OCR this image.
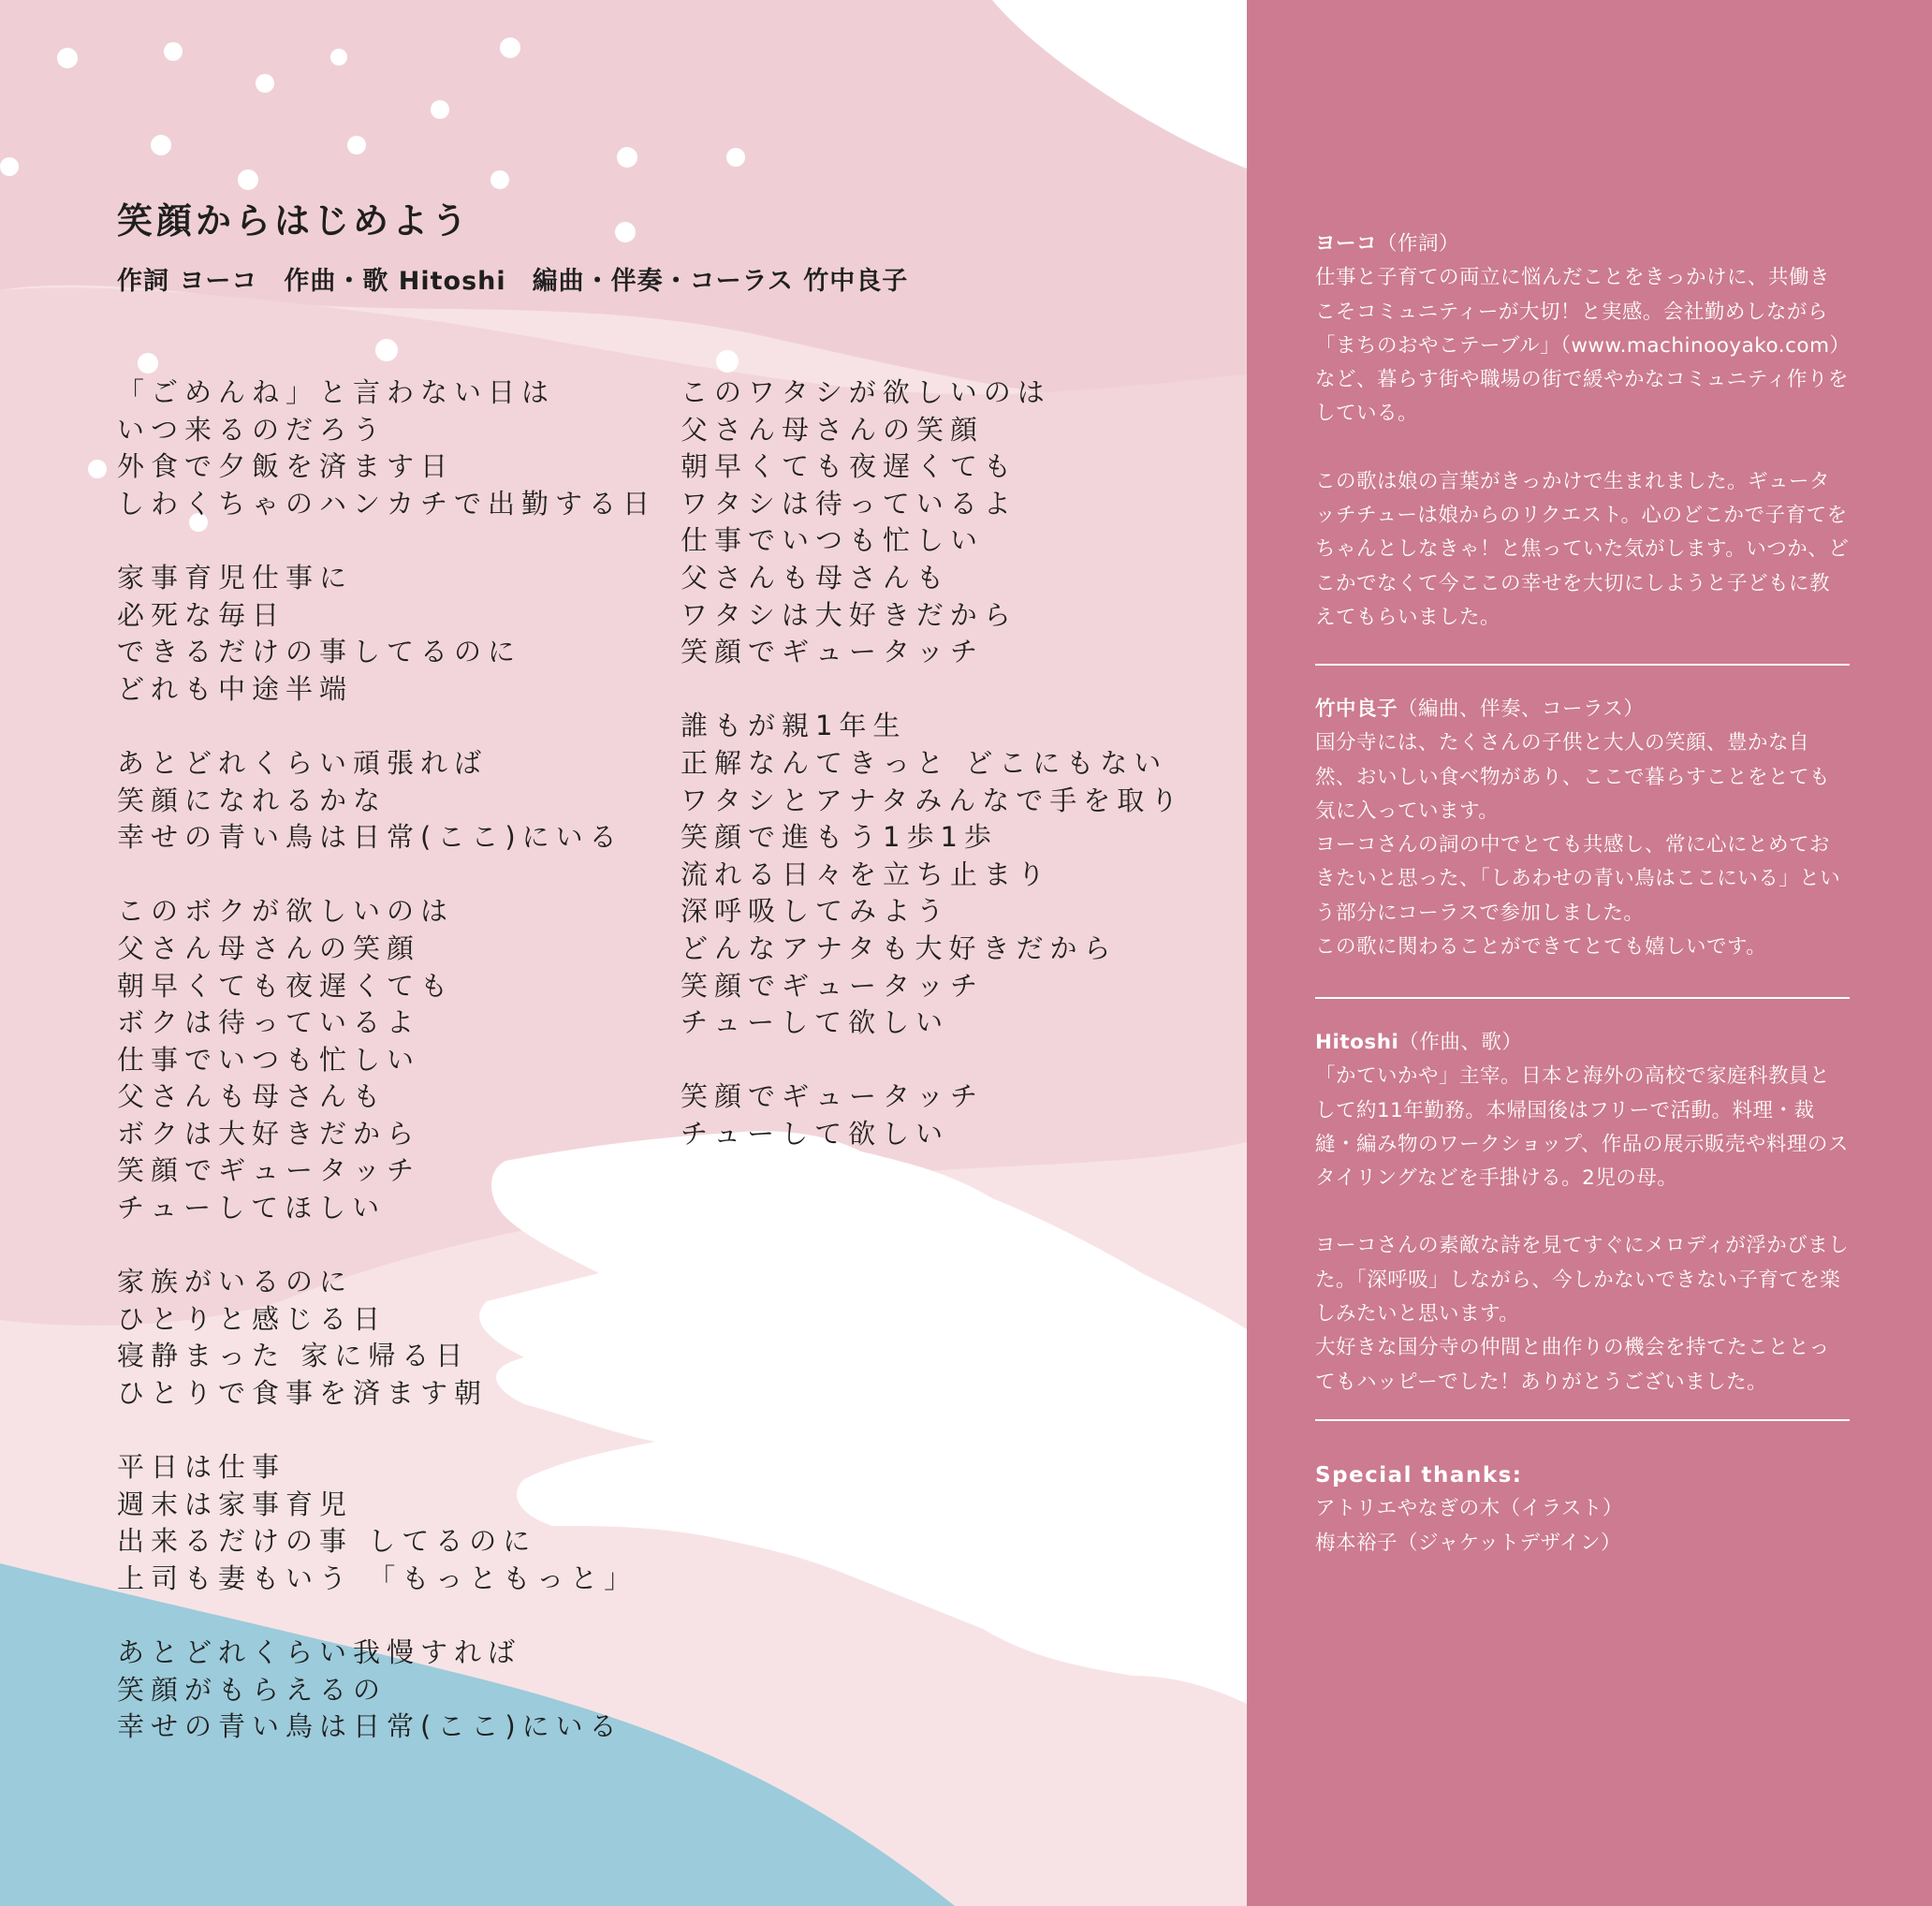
笑顔からはじめよう
作詞 ヨーコ　作曲・歌 Hitoshi　編曲・伴奏・コーラス 竹中良子
「ごめんね」と言わない日は
いつ来るのだろう
外食で夕飯を済ます日
しわくちゃのハンカチで出勤する日
家事育児仕事に
必死な毎日
できるだけの事してるのに
どれも中途半端
あとどれくらい頑張れば
笑顔になれるかな
幸せの青い鳥は日常(ここ)にいる
このボクが欲しいのは
父さん母さんの笑顔
朝早くても夜遅くても
ボクは待っているよ
仕事でいつも忙しい
父さんも母さんも
ボクは大好きだから
笑顔でギュータッチ
チューしてほしい
家族がいるのに
ひとりと感じる日
寝静まった 家に帰る日
ひとりで食事を済ます朝
平日は仕事
週末は家事育児
出来るだけの事 してるのに
上司も妻もいう 「もっともっと」
あとどれくらい我慢すれば
笑顔がもらえるの
幸せの青い鳥は日常(ここ)にいる
このワタシが欲しいのは
父さん母さんの笑顔
朝早くても夜遅くても
ワタシは待っているよ
仕事でいつも忙しい
父さんも母さんも
ワタシは大好きだから
笑顔でギュータッチ
誰もが親1年生
正解なんてきっと どこにもない
ワタシとアナタみんなで手を取り
笑顔で進もう1歩1歩
流れる日々を立ち止まり
深呼吸してみよう
どんなアナタも大好きだから
笑顔でギュータッチ
チューして欲しい
笑顔でギュータッチ
チューして欲しい

ヨーコ（作詞）

仕事と子育ての両立に悩んだことをきっかけに、共働きこそコミュニティーが大切！と実感。会社勤めしながら「まちのおやこテーブル」（www.machinooyako.com）など、暮らす街や職場の街で緩やかなコミュニティ作りをしている。

この歌は娘の言葉がきっかけで生まれました。ギュータッチチューは娘からのリクエスト。心のどこかで子育てをちゃんとしなきゃ！と焦っていた気がします。いつか、どこかでなくて今ここの幸せを大切にしようと子どもに教えてもらいました。

竹中良子（編曲、伴奏、コーラス）

国分寺には、たくさんの子供と大人の笑顔、豊かな自然、おいしい食べ物があり、ここで暮らすことをとても気に入っています。

ヨーコさんの詞の中でとても共感し、常に心にとめておきたいと思った、「しあわせの青い鳥はここにいる」という部分にコーラスで参加しました。

この歌に関わることができてとても嬉しいです。

Hitoshi（作曲、歌）

「かていかや」主宰。日本と海外の高校で家庭科教員として約11年勤務。本帰国後はフリーで活動。料理・裁縫・編み物のワークショップ、作品の展示販売や料理のスタイリングなどを手掛ける。2児の母。

ヨーコさんの素敵な詩を見てすぐにメロディが浮かびました。「深呼吸」しながら、今しかないできない子育てを楽しみたいと思います。

大好きな国分寺の仲間と曲作りの機会を持てたこととってもハッピーでした！ありがとうございました。

Special thanks:

アトリエやなぎの木（イラスト）

梅本裕子（ジャケットデザイン）
